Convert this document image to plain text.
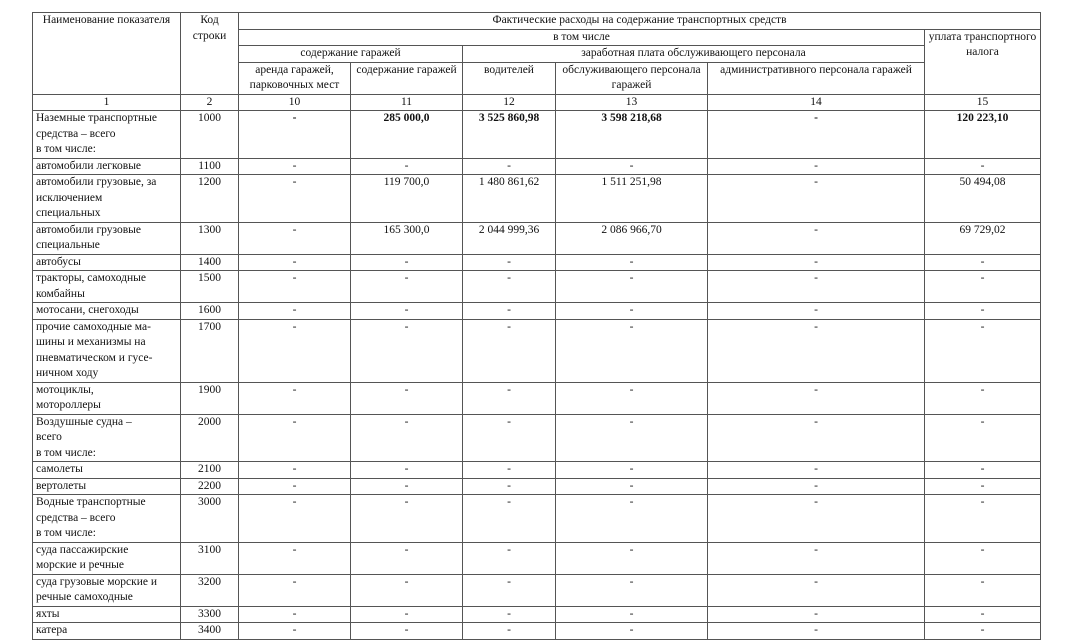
Наименование показателя	Код строки	Фактические расходы на содержание транспортных средств					
		в том числе					уплата транспортного налога
		содержание гаражей		заработная плата обслуживающего персонала			
		аренда гаражей, парковочных мест	содержание гаражей	водителей	обслуживающего персонала гаражей	административного персонала гаражей	
1	2	10	11	12	13	14	15
Наземные транспортные
средства – всего
в том числе:	1000	-	285 000,0	3 525 860,98	3 598 218,68	-	120 223,10
автомобили легковые	1100	-	-	-	-	-	-
автомобили грузовые, за
исключением
специальных	1200	-	119 700,0	1 480 861,62	1 511 251,98	-	50 494,08
автомобили грузовые
специальные	1300	-	165 300,0	2 044 999,36	2 086 966,70	-	69 729,02
автобусы	1400	-	-	-	-	-	-
тракторы, самоходные
комбайны	1500	-	-	-	-	-	-
мотосани, снегоходы	1600	-	-	-	-	-	-
прочие самоходные ма-
шины и механизмы на
пневматическом и гусе-
ничном ходу	1700	-	-	-	-	-	-
мотоциклы,
мотороллеры	1900	-	-	-	-	-	-
Воздушные судна –
всего
в том числе:	2000	-	-	-	-	-	-
самолеты	2100	-	-	-	-	-	-
вертолеты	2200	-	-	-	-	-	-
Водные транспортные
средства – всего
в том числе:	3000	-	-	-	-	-	-
суда пассажирские
морские и речные	3100	-	-	-	-	-	-
суда грузовые морские и
речные самоходные	3200	-	-	-	-	-	-
яхты	3300	-	-	-	-	-	-
катера	3400	-	-	-	-	-	-
